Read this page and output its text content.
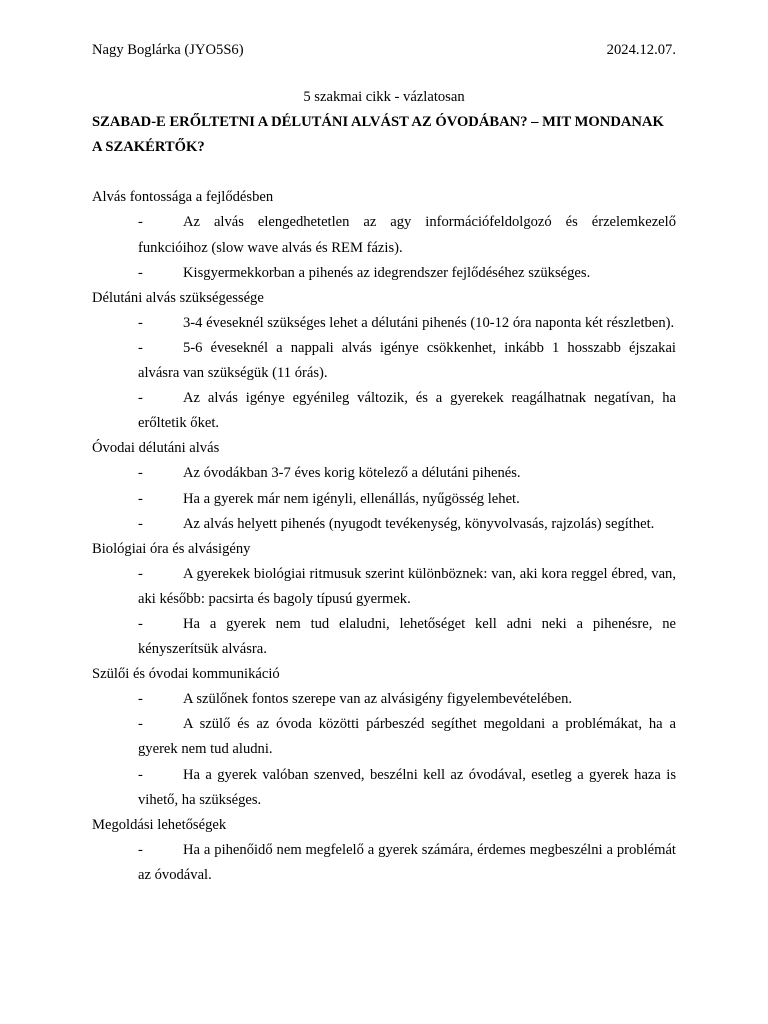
Nagy Boglárka (JYO5S6)	2024.12.07.
5 szakmai cikk - vázlatosan
SZABAD-E ERŐLTETNI A DÉLUTÁNI ALVÁST AZ ÓVODÁBAN? – MIT MONDANAK A SZAKÉRTŐK?
Alvás fontossága a fejlődésben
-	Az alvás elengedhetetlen az agy információfeldolgozó és érzelemkezelő funkcióihoz (slow wave alvás és REM fázis).
-	Kisgyermekkorban a pihenés az idegrendszer fejlődéséhez szükséges.
Délutáni alvás szükségessége
-	3-4 éveseknél szükséges lehet a délutáni pihenés (10-12 óra naponta két részletben).
-	5-6 éveseknél a nappali alvás igénye csökkenhet, inkább 1 hosszabb éjszakai alvásra van szükségük (11 órás).
-	Az alvás igénye egyénileg változik, és a gyerekek reagálhatnak negatívan, ha erőltetik őket.
Óvodai délutáni alvás
-	Az óvodákban 3-7 éves korig kötelező a délutáni pihenés.
-	Ha a gyerek már nem igényli, ellenállás, nyűgösség lehet.
-	Az alvás helyett pihenés (nyugodt tevékenység, könyvolvasás, rajzolás) segíthet.
Biológiai óra és alvásigény
-	A gyerekek biológiai ritmusuk szerint különböznek: van, aki kora reggel ébred, van, aki később: pacsirta és bagoly típusú gyermek.
-	Ha a gyerek nem tud elaludni, lehetőséget kell adni neki a pihenésre, ne kényszerítsük alvásra.
Szülői és óvodai kommunikáció
-	A szülőnek fontos szerepe van az alvásigény figyelembevételében.
-	A szülő és az óvoda közötti párbeszéd segíthet megoldani a problémákat, ha a gyerek nem tud aludni.
-	Ha a gyerek valóban szenved, beszélni kell az óvodával, esetleg a gyerek haza is vihető, ha szükséges.
Megoldási lehetőségek
-	Ha a pihenőidő nem megfelelő a gyerek számára, érdemes megbeszélni a problémát az óvodával.
